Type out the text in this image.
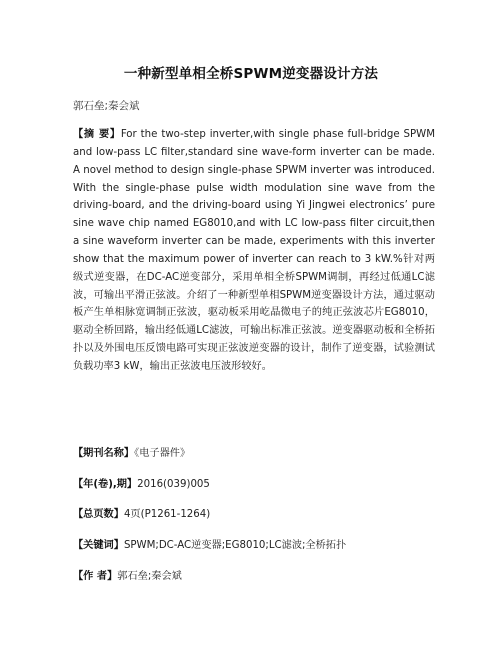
一种新型单相全桥SPWM逆变器设计方法
郭石垒;秦会斌
【摘 要】For the two-step inverter,with single phase full-bridge SPWM and low-pass LC filter,standard sine wave-form inverter can be made. A novel method to design single-phase SPWM inverter was introduced. With the single-phase pulse width modulation sine wave from the driving-board, and the driving-board using Yi Jingwei electronics’ pure sine wave chip named EG8010,and with LC low-pass filter circuit,then a sine waveform inverter can be made, experiments with this inverter show that the maximum power of inverter can reach to 3 kW.%针对两级式逆变器，在DC-AC逆变部分，采用单相全桥SPWM调制，再经过低通LC滤波，可输出平滑正弦波。介绍了一种新型单相SPWM逆变器设计方法，通过驱动板产生单相脉宽调制正弦波，驱动板采用屹晶微电子的纯正弦波芯片EG8010，驱动全桥回路，输出经低通LC滤波，可输出标准正弦波。逆变器驱动板和全桥拓扑以及外围电压反馈电路可实现正弦波逆变器的设计，制作了逆变器，试验测试负载功率3 kW，输出正弦波电压波形较好。
【期刊名称】《电子器件》
【年(卷),期】2016(039)005
【总页数】4页(P1261-1264)
【关键词】SPWM;DC-AC逆变器;EG8010;LC滤波;全桥拓扑
【作 者】郭石垒;秦会斌
